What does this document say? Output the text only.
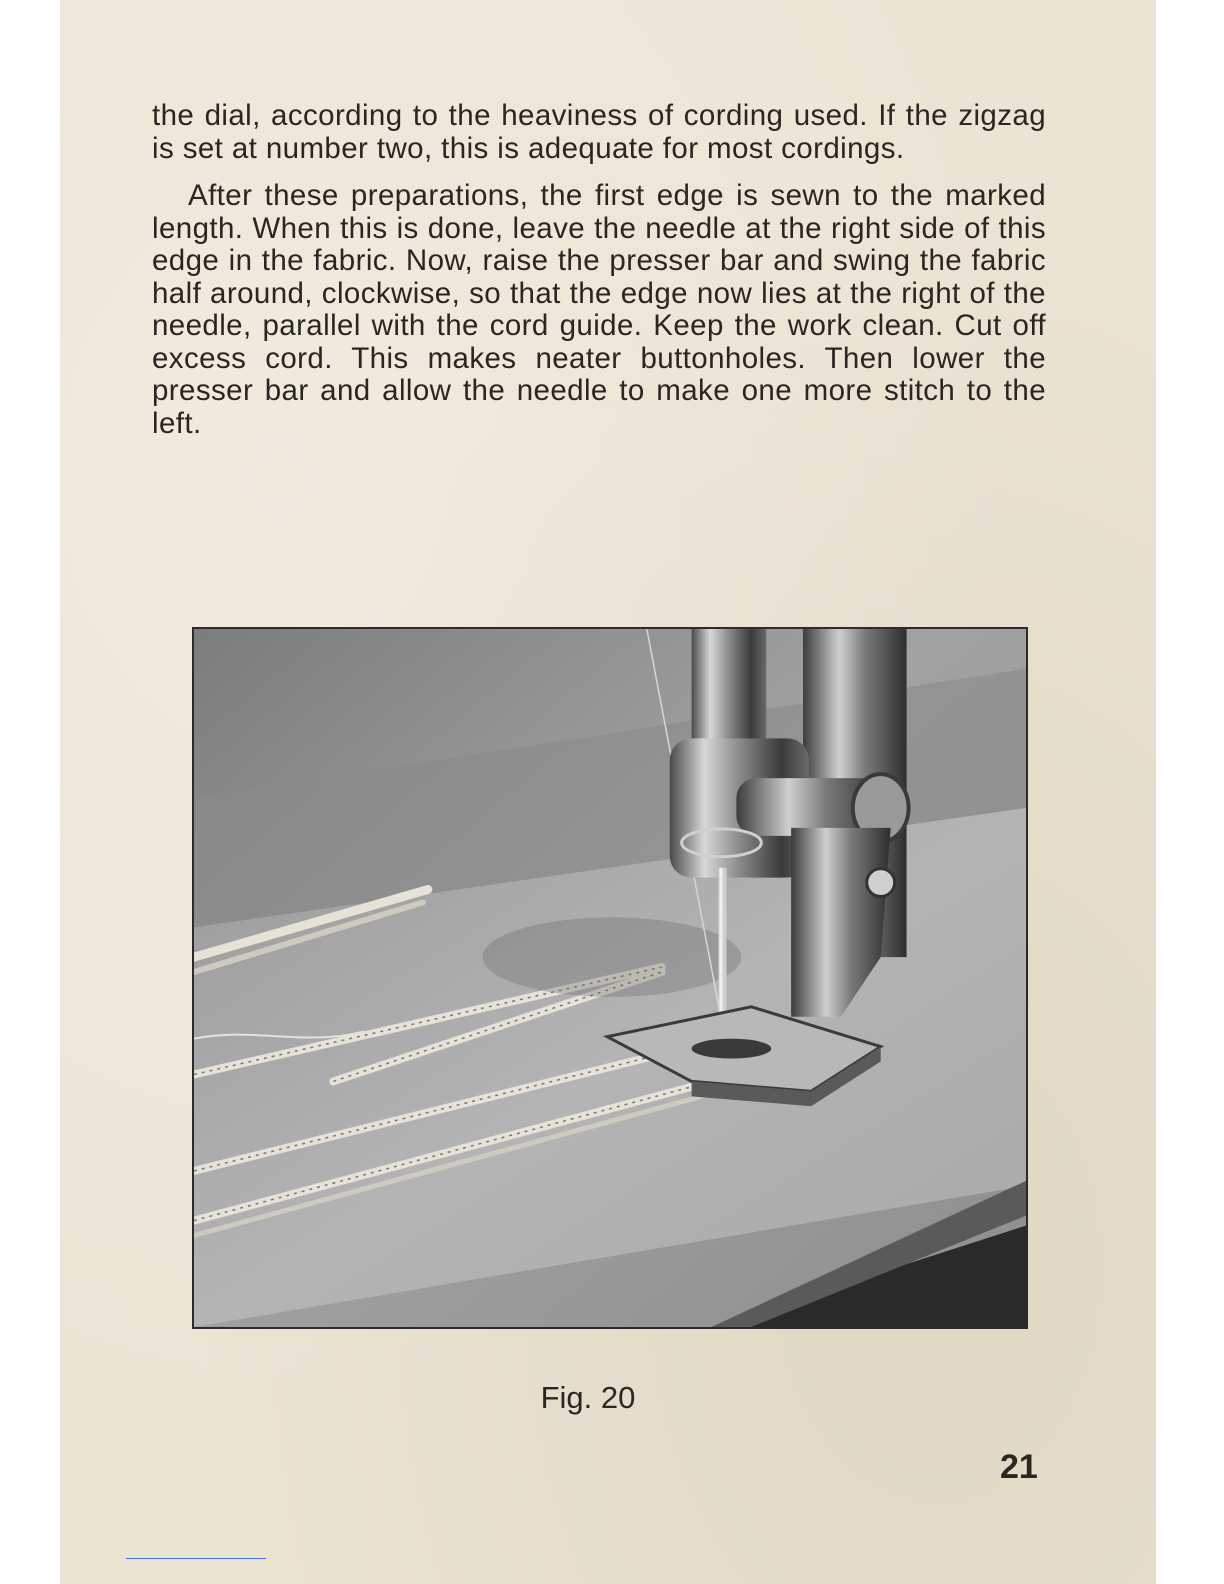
the dial, according to the heaviness of cording used. If the zigzag is set at number two, this is adequate for most cordings.

After these preparations, the first edge is sewn to the marked length. When this is done, leave the needle at the right side of this edge in the fabric. Now, raise the presser bar and swing the fabric half around, clockwise, so that the edge now lies at the right of the needle, parallel with the cord guide. Keep the work clean. Cut off excess cord. This makes neater buttonholes. Then lower the presser bar and allow the needle to make one more stitch to the left.

Fig. 20
21
